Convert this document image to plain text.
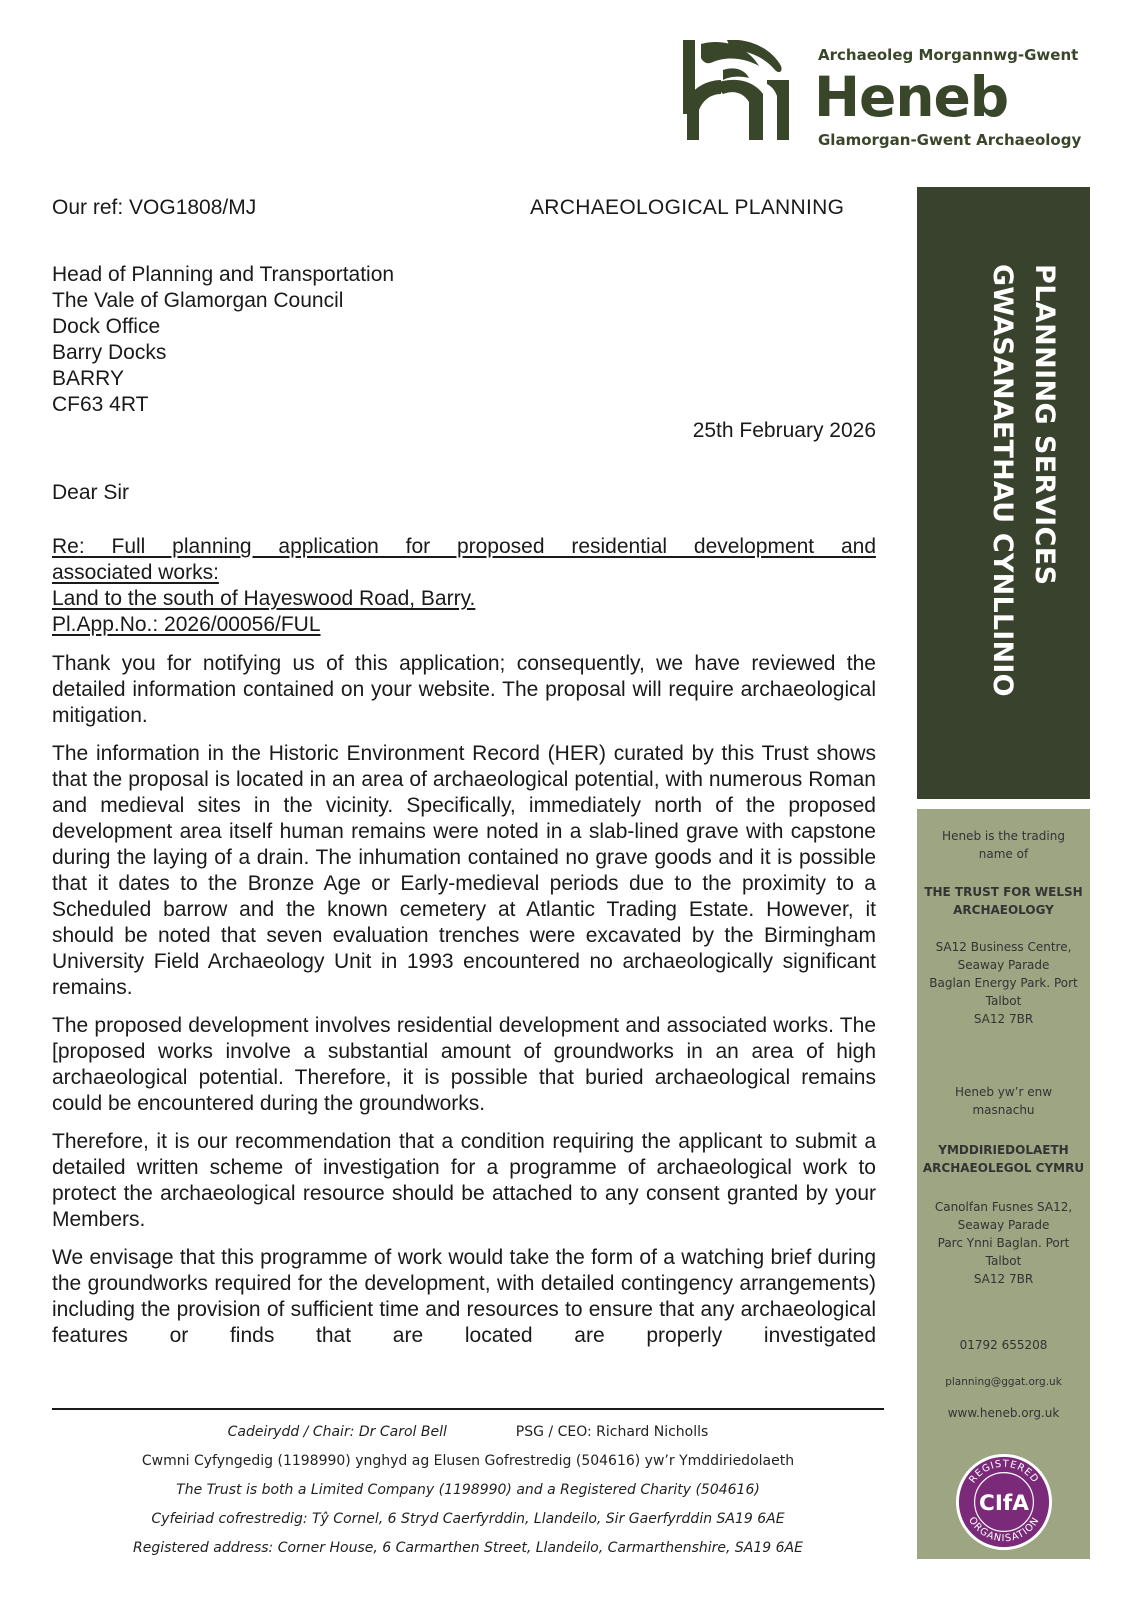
Archaeoleg Morgannwg-Gwent
Heneb
Glamorgan-Gwent Archaeology
Our ref: VOG1808/MJ	ARCHAEOLOGICAL PLANNING
Head of Planning and Transportation
The Vale of Glamorgan Council
Dock Office
Barry Docks
BARRY
CF63 4RT
25th February 2026
Dear Sir
Re: Full planning application for proposed residential development and
associated works:
Land to the south of Hayeswood Road, Barry.
Pl.App.No.: 2026/00056/FUL

Thank you for notifying us of this application; consequently, we have reviewed the detailed information contained on your website. The proposal will require archaeological mitigation.

The information in the Historic Environment Record (HER) curated by this Trust shows that the proposal is located in an area of archaeological potential, with numerous Roman and medieval sites in the vicinity. Specifically, immediately north of the proposed development area itself human remains were noted in a slab-lined grave with capstone during the laying of a drain. The inhumation contained no grave goods and it is possible that it dates to the Bronze Age or Early-medieval periods due to the proximity to a Scheduled barrow and the known cemetery at Atlantic Trading Estate. However, it should be noted that seven evaluation trenches were excavated by the Birmingham University Field Archaeology Unit in 1993 encountered no archaeologically significant remains.

The proposed development involves residential development and associated works. The [proposed works involve a substantial amount of groundworks in an area of high archaeological potential. Therefore, it is possible that buried archaeological remains could be encountered during the groundworks.

Therefore, it is our recommendation that a condition requiring the applicant to submit a detailed written scheme of investigation for a programme of archaeological work to protect the archaeological resource should be attached to any consent granted by your Members.

We envisage that this programme of work would take the form of a watching brief during the groundworks required for the development, with detailed contingency arrangements) including the provision of sufficient time and resources to ensure that any archaeological features or finds that are located are properly investigated

Cadeirydd / Chair: Dr Carol Bell	PSG / CEO: Richard Nicholls
Cwmni Cyfyngedig (1198990) ynghyd ag Elusen Gofrestredig (504616) yw’r Ymddiriedolaeth
The Trust is both a Limited Company (1198990) and a Registered Charity (504616)
Cyfeiriad cofrestredig: Tŷ Cornel, 6 Stryd Caerfyrddin, Llandeilo, Sir Gaerfyrddin SA19 6AE
Registered address: Corner House, 6 Carmarthen Street, Llandeilo, Carmarthenshire, SA19 6AE
PLANNING SERVICES
GWASANAETHAU CYNLLINIO
Heneb is the trading
name of
THE TRUST FOR WELSH
ARCHAEOLOGY
SA12 Business Centre,
Seaway Parade
Baglan Energy Park. Port
Talbot
SA12 7BR
Heneb yw’r enw
masnachu
YMDDIRIEDOLAETH
ARCHAEOLEGOL CYMRU
Canolfan Fusnes SA12,
Seaway Parade
Parc Ynni Baglan. Port
Talbot
SA12 7BR
01792 655208
planning@ggat.org.uk
www.heneb.org.uk
REGISTERED
ORGANISATION
CIfA
